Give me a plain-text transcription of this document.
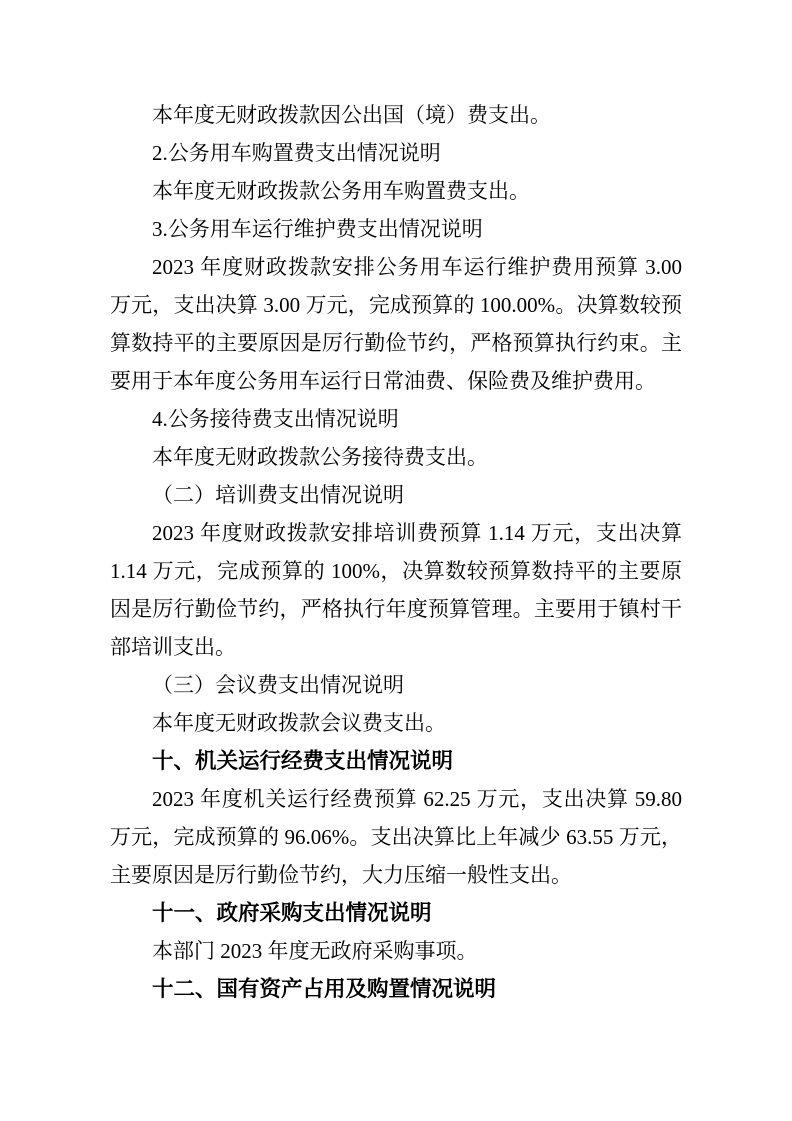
本年度无财政拨款因公出国（境）费支出。

2.公务用车购置费支出情况说明

本年度无财政拨款公务用车购置费支出。

3.公务用车运行维护费支出情况说明

2023 年度财政拨款安排公务用车运行维护费用预算 3.00 万元，支出决算 3.00 万元，完成预算的 100.00%。决算数较预算数持平的主要原因是厉行勤俭节约，严格预算执行约束。主要用于本年度公务用车运行日常油费、保险费及维护费用。

4.公务接待费支出情况说明

本年度无财政拨款公务接待费支出。

（二）培训费支出情况说明

2023 年度财政拨款安排培训费预算 1.14 万元，支出决算 1.14 万元，完成预算的 100%，决算数较预算数持平的主要原因是厉行勤俭节约，严格执行年度预算管理。主要用于镇村干部培训支出。

（三）会议费支出情况说明

本年度无财政拨款会议费支出。

十、机关运行经费支出情况说明

2023 年度机关运行经费预算 62.25 万元，支出决算 59.80 万元，完成预算的 96.06%。支出决算比上年减少 63.55 万元，主要原因是厉行勤俭节约，大力压缩一般性支出。

十一、政府采购支出情况说明

本部门 2023 年度无政府采购事项。

十二、国有资产占用及购置情况说明
